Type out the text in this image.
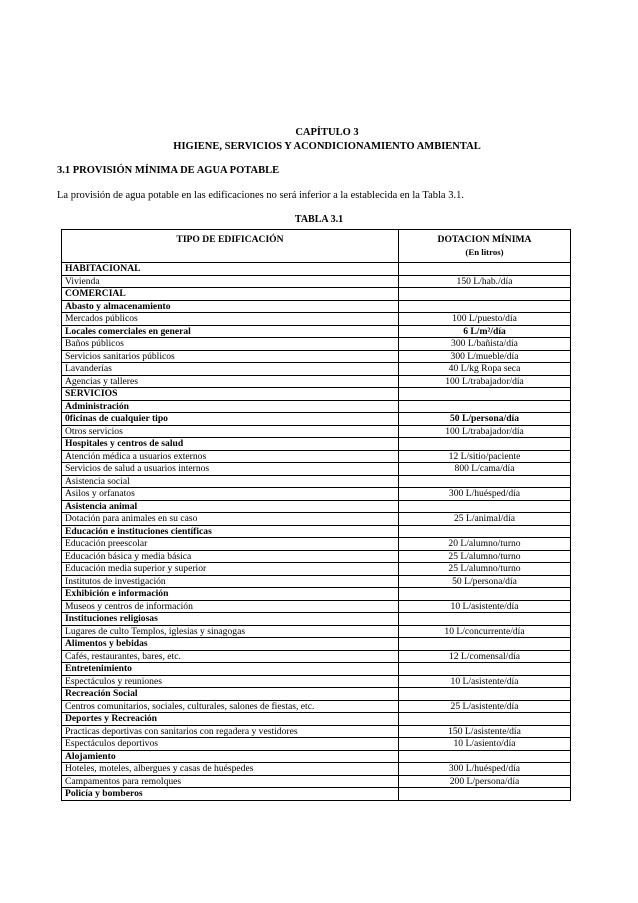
CAPÍTULO 3
HIGIENE, SERVICIOS Y ACONDICIONAMIENTO AMBIENTAL
3.1 PROVISIÓN MÍNIMA DE AGUA POTABLE
La provisión de agua potable en las edificaciones no será inferior a la establecida en la Tabla 3.1.
TABLA 3.1
TIPO DE EDIFICACIÓN	DOTACION MÍNIMA
(En litros)

HABITACIONAL	
Vivienda	150 L/hab./día
COMERCIAL	
Abasto y almacenamiento	
Mercados públicos	100 L/puesto/día
Locales comerciales en general	6 L/m²/día
Baños públicos	300 L/bañista/día
Servicios sanitarios públicos	300 L/mueble/día
Lavanderías	40 L/kg Ropa seca
Agencias y talleres	100 L/trabajador/día
SERVICIOS	
Administración	
0ficinas de cualquier tipo	50 L/persona/día
Otros servicios	100 L/trabajador/día
Hospitales y centros de salud	
Atención médica a usuarios externos	12 L/sitio/paciente
Servicios de salud a usuarios internos	800 L/cama/día
Asistencia social	
Asilos y orfanatos	300 L/huésped/día
Asistencia animal	
Dotación para animales en su caso	25 L/animal/día
Educación e instituciones científicas	
Educación preescolar	20 L/alumno/turno
Educación básica y media básica	25 L/alumno/turno
Educación media superior y superior	25 L/alumno/turno
Institutos de investigación	50 L/persona/día
Exhibición e información	
Museos y centros de información	10 L/asistente/día
Instituciones religiosas	
Lugares de culto Templos, iglesias y sinagogas	10 L/concurrente/día
Alimentos y bebidas	
Cafés, restaurantes, bares, etc.	12 L/comensal/día
Entretenimiento	
Espectáculos y reuniones	10 L/asistente/día
Recreación Social	
Centros comunitarios, sociales, culturales, salones de fiestas, etc.	25 L/asistente/día
Deportes y Recreación	
Practicas deportivas con sanitarios con regadera y vestidores	150 L/asistente/día
Espectáculos deportivos	10 L/asiento/día
Alojamiento	
Hoteles, moteles, albergues y casas de huéspedes	300 L/huésped/día
Campamentos para remolques	200 L/persona/día
Policía y bomberos	
